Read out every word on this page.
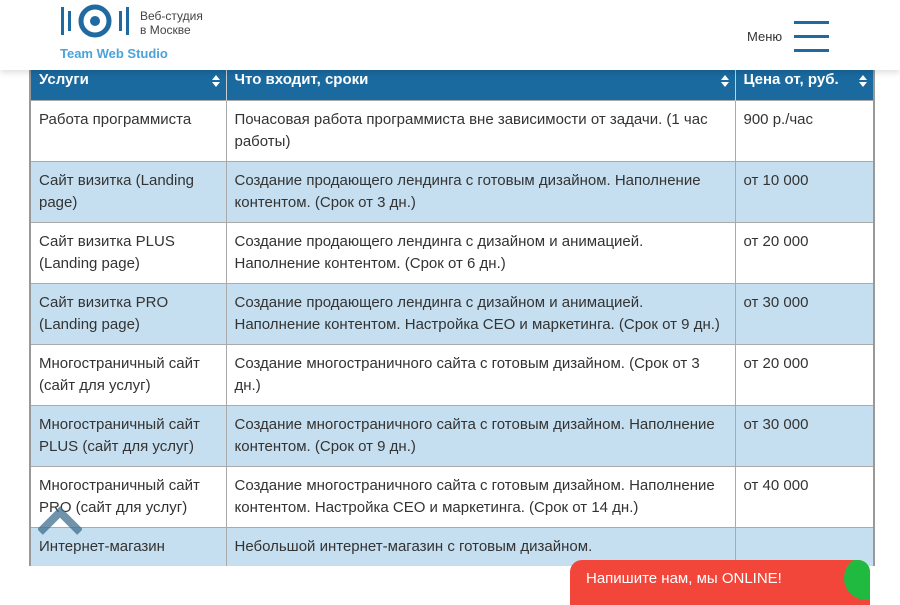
Веб-студия
в Москве
Team Web Studio
Меню
Услуги	Что входит, сроки	Цена от, руб.

Работа программиста	Почасовая работа программиста вне зависимости от задачи. (1 час работы)	900 р./час
Сайт визитка (Landing page)	Создание продающего лендинга с готовым дизайном. Наполнение контентом. (Срок от 3 дн.)	от 10 000
Сайт визитка PLUS (Landing page)	Создание продающего лендинга с дизайном и анимацией. Наполнение контентом. (Срок от 6 дн.)	от 20 000
Сайт визитка PRO (Landing page)	Создание продающего лендинга с дизайном и анимацией. Наполнение контентом. Настройка СЕО и маркетинга. (Срок от 9 дн.)	от 30 000
Многостраничный сайт (сайт для услуг)	Создание многостраничного сайта с готовым дизайном. (Срок от 3 дн.)	от 20 000
Многостраничный сайт PLUS (сайт для услуг)	Создание многостраничного сайта с готовым дизайном. Наполнение контентом. (Срок от 9 дн.)	от 30 000
Многостраничный сайт PRO (сайт для услуг)	Создание многостраничного сайта с готовым дизайном. Наполнение контентом. Настройка СЕО и маркетинга. (Срок от 14 дн.)	от 40 000
Интернет-магазин	Небольшой интернет-магазин с готовым дизайном.	
Напишите нам, мы ONLINE!
